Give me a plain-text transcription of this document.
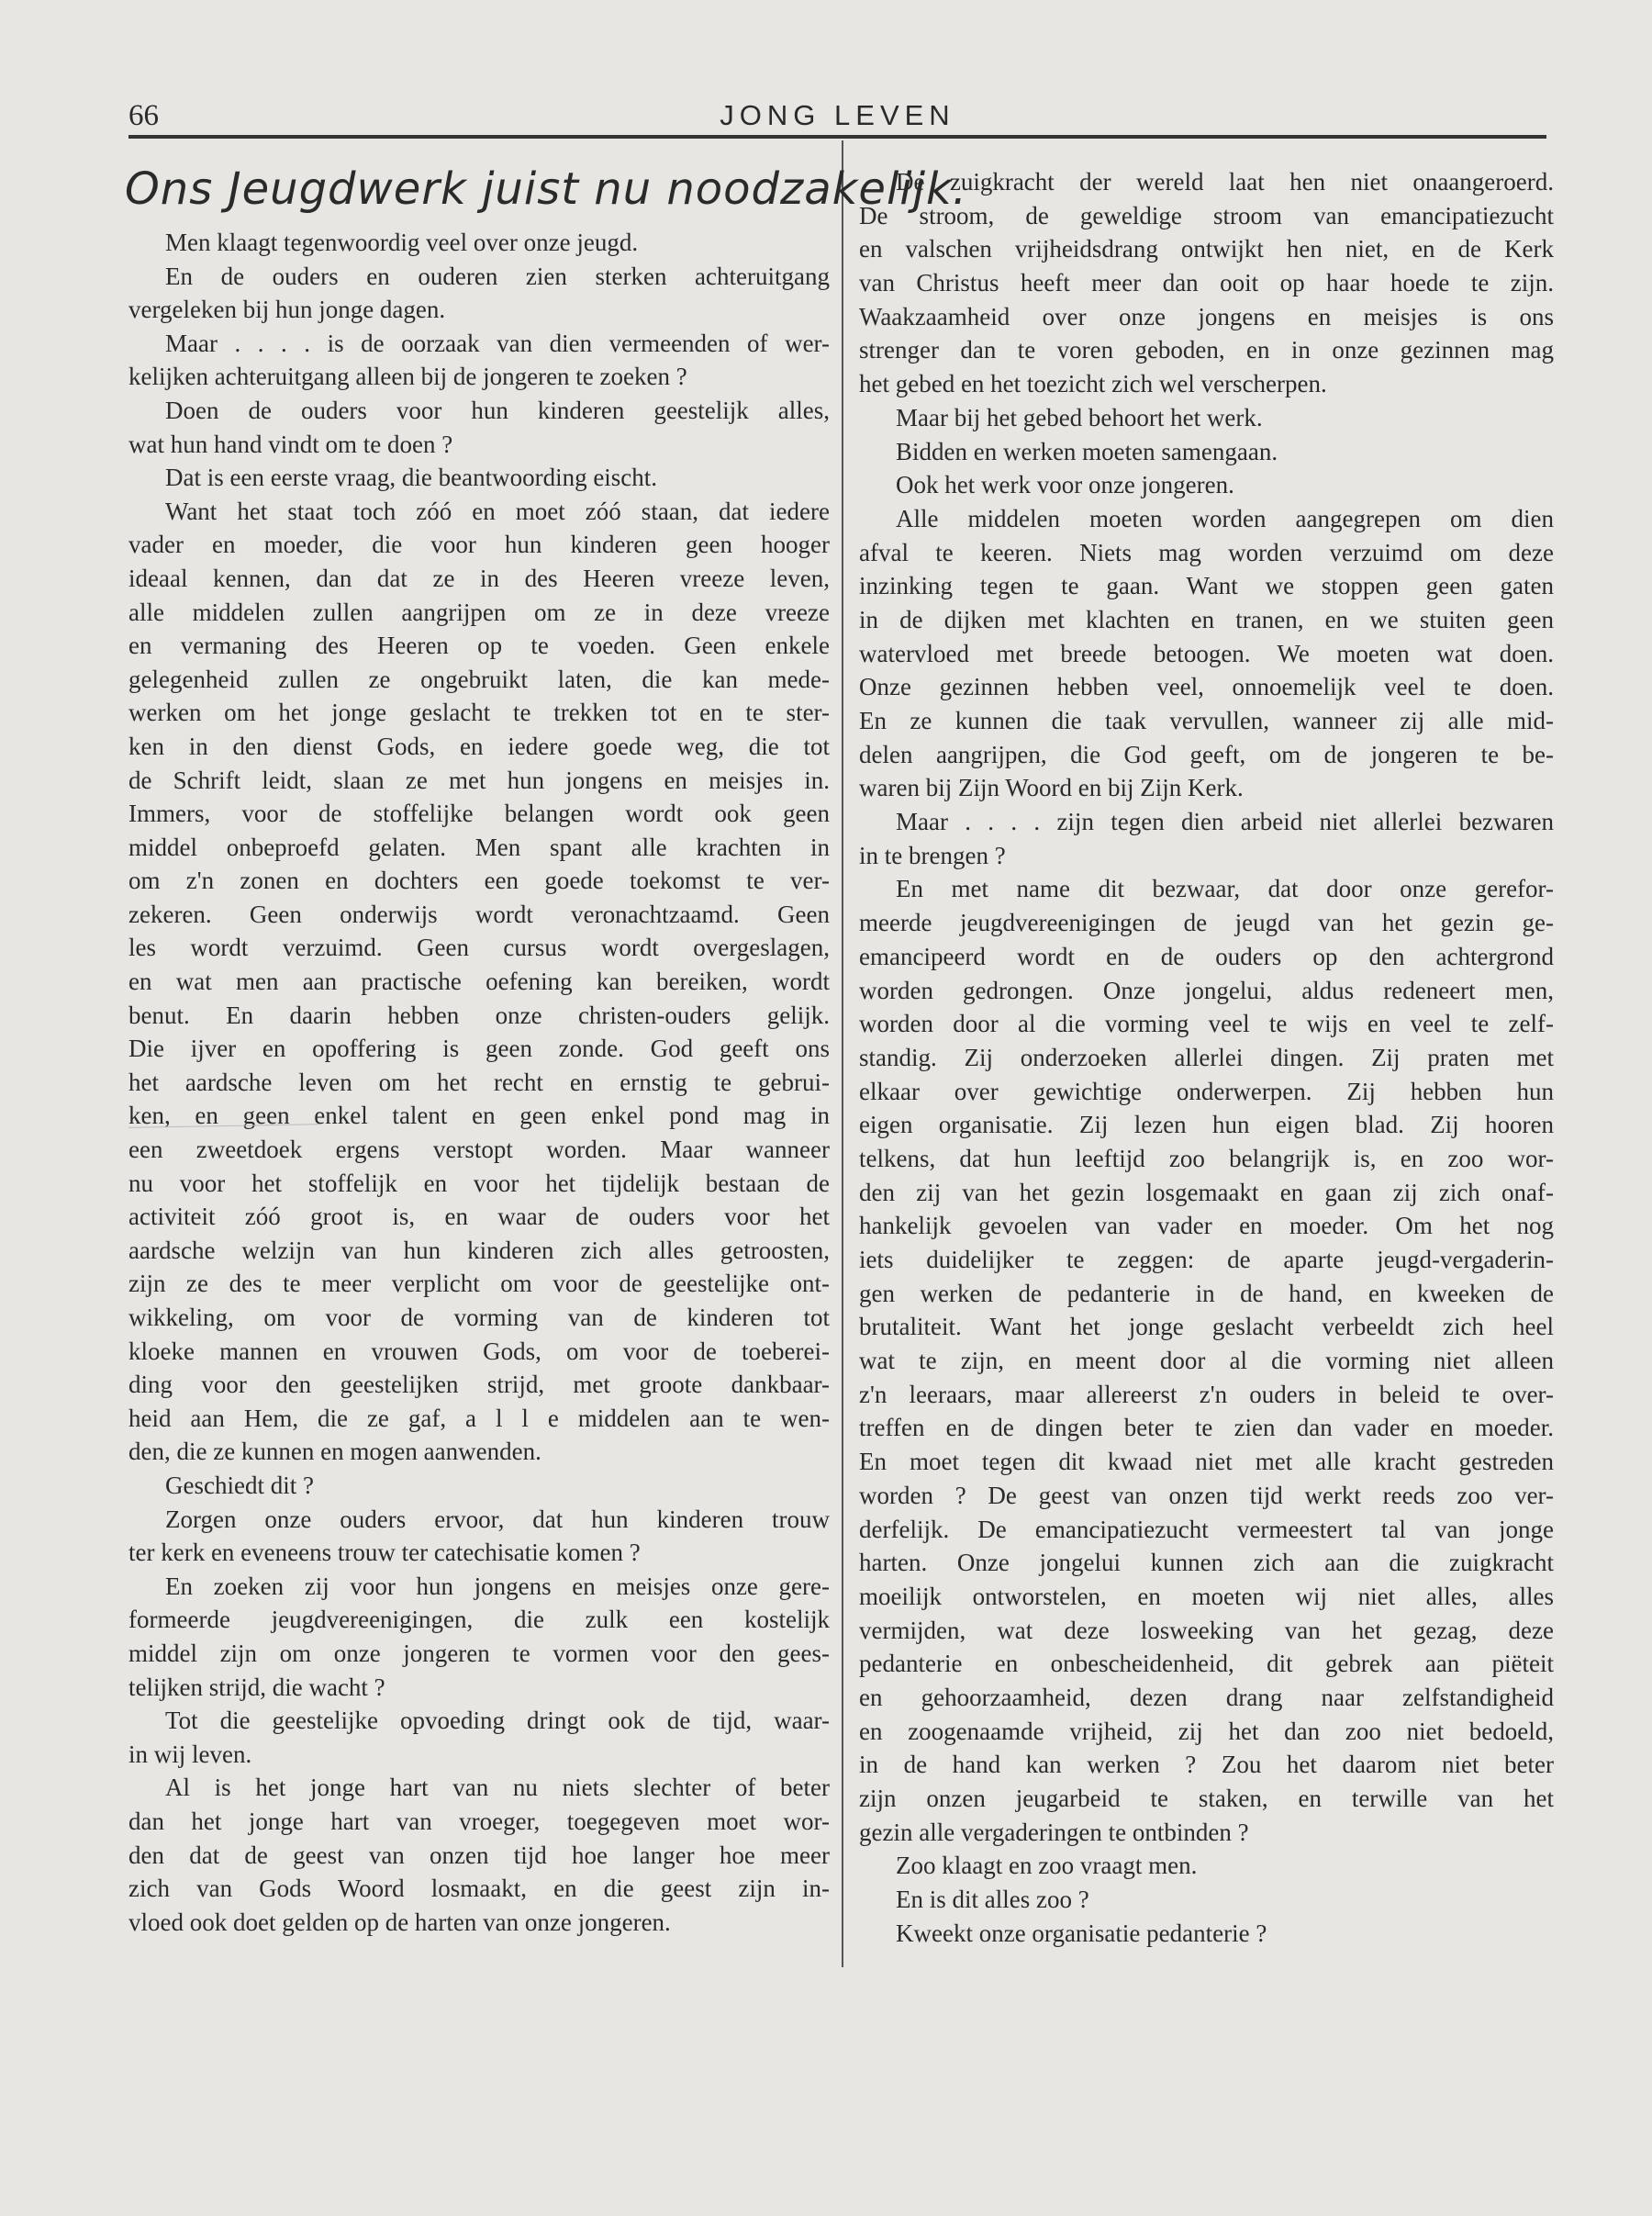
66	JONG LEVEN
Ons Jeugdwerk juist nu noodzakelijk.
Men klaagt tegenwoordig veel over onze jeugd.
En de ouders en ouderen zien sterken achteruitgang
vergeleken bij hun jonge dagen.
Maar . . . . is de oorzaak van dien vermeenden of wer-
kelijken achteruitgang alleen bij de jongeren te zoeken ?
Doen de ouders voor hun kinderen geestelijk alles,
wat hun hand vindt om te doen ?
Dat is een eerste vraag, die beantwoording eischt.
Want het staat toch zóó en moet zóó staan, dat iedere
vader en moeder, die voor hun kinderen geen hooger
ideaal kennen, dan dat ze in des Heeren vreeze leven,
alle middelen zullen aangrijpen om ze in deze vreeze
en vermaning des Heeren op te voeden. Geen enkele
gelegenheid zullen ze ongebruikt laten, die kan mede-
werken om het jonge geslacht te trekken tot en te ster-
ken in den dienst Gods, en iedere goede weg, die tot
de Schrift leidt, slaan ze met hun jongens en meisjes in.
Immers, voor de stoffelijke belangen wordt ook geen
middel onbeproefd gelaten. Men spant alle krachten in
om z'n zonen en dochters een goede toekomst te ver-
zekeren. Geen onderwijs wordt veronachtzaamd. Geen
les wordt verzuimd. Geen cursus wordt overgeslagen,
en wat men aan practische oefening kan bereiken, wordt
benut. En daarin hebben onze christen-ouders gelijk.
Die ijver en opoffering is geen zonde. God geeft ons
het aardsche leven om het recht en ernstig te gebrui-
ken, en geen enkel talent en geen enkel pond mag in
een zweetdoek ergens verstopt worden. Maar wanneer
nu voor het stoffelijk en voor het tijdelijk bestaan de
activiteit zóó groot is, en waar de ouders voor het
aardsche welzijn van hun kinderen zich alles getroosten,
zijn ze des te meer verplicht om voor de geestelijke ont-
wikkeling, om voor de vorming van de kinderen tot
kloeke mannen en vrouwen Gods, om voor de toeberei-
ding voor den geestelijken strijd, met groote dankbaar-
heid aan Hem, die ze gaf, a l l e middelen aan te wen-
den, die ze kunnen en mogen aanwenden.
Geschiedt dit ?
Zorgen onze ouders ervoor, dat hun kinderen trouw
ter kerk en eveneens trouw ter catechisatie komen ?
En zoeken zij voor hun jongens en meisjes onze gere-
formeerde jeugdvereenigingen, die zulk een kostelijk
middel zijn om onze jongeren te vormen voor den gees-
telijken strijd, die wacht ?
Tot die geestelijke opvoeding dringt ook de tijd, waar-
in wij leven.
Al is het jonge hart van nu niets slechter of beter
dan het jonge hart van vroeger, toegegeven moet wor-
den dat de geest van onzen tijd hoe langer hoe meer
zich van Gods Woord losmaakt, en die geest zijn in-
vloed ook doet gelden op de harten van onze jongeren.
De zuigkracht der wereld laat hen niet onaangeroerd.
De stroom, de geweldige stroom van emancipatiezucht
en valschen vrijheidsdrang ontwijkt hen niet, en de Kerk
van Christus heeft meer dan ooit op haar hoede te zijn.
Waakzaamheid over onze jongens en meisjes is ons
strenger dan te voren geboden, en in onze gezinnen mag
het gebed en het toezicht zich wel verscherpen.
Maar bij het gebed behoort het werk.
Bidden en werken moeten samengaan.
Ook het werk voor onze jongeren.
Alle middelen moeten worden aangegrepen om dien
afval te keeren. Niets mag worden verzuimd om deze
inzinking tegen te gaan. Want we stoppen geen gaten
in de dijken met klachten en tranen, en we stuiten geen
watervloed met breede betoogen. We moeten wat doen.
Onze gezinnen hebben veel, onnoemelijk veel te doen.
En ze kunnen die taak vervullen, wanneer zij alle mid-
delen aangrijpen, die God geeft, om de jongeren te be-
waren bij Zijn Woord en bij Zijn Kerk.
Maar . . . . zijn tegen dien arbeid niet allerlei bezwaren
in te brengen ?
En met name dit bezwaar, dat door onze gerefor-
meerde jeugdvereenigingen de jeugd van het gezin ge-
emancipeerd wordt en de ouders op den achtergrond
worden gedrongen. Onze jongelui, aldus redeneert men,
worden door al die vorming veel te wijs en veel te zelf-
standig. Zij onderzoeken allerlei dingen. Zij praten met
elkaar over gewichtige onderwerpen. Zij hebben hun
eigen organisatie. Zij lezen hun eigen blad. Zij hooren
telkens, dat hun leeftijd zoo belangrijk is, en zoo wor-
den zij van het gezin losgemaakt en gaan zij zich onaf-
hankelijk gevoelen van vader en moeder. Om het nog
iets duidelijker te zeggen: de aparte jeugd-vergaderin-
gen werken de pedanterie in de hand, en kweeken de
brutaliteit. Want het jonge geslacht verbeeldt zich heel
wat te zijn, en meent door al die vorming niet alleen
z'n leeraars, maar allereerst z'n ouders in beleid te over-
treffen en de dingen beter te zien dan vader en moeder.
En moet tegen dit kwaad niet met alle kracht gestreden
worden ? De geest van onzen tijd werkt reeds zoo ver-
derfelijk. De emancipatiezucht vermeestert tal van jonge
harten. Onze jongelui kunnen zich aan die zuigkracht
moeilijk ontworstelen, en moeten wij niet alles, alles
vermijden, wat deze losweeking van het gezag, deze
pedanterie en onbescheidenheid, dit gebrek aan piëteit
en gehoorzaamheid, dezen drang naar zelfstandigheid
en zoogenaamde vrijheid, zij het dan zoo niet bedoeld,
in de hand kan werken ? Zou het daarom niet beter
zijn onzen jeugarbeid te staken, en terwille van het
gezin alle vergaderingen te ontbinden ?
Zoo klaagt en zoo vraagt men.
En is dit alles zoo ?
Kweekt onze organisatie pedanterie ?
